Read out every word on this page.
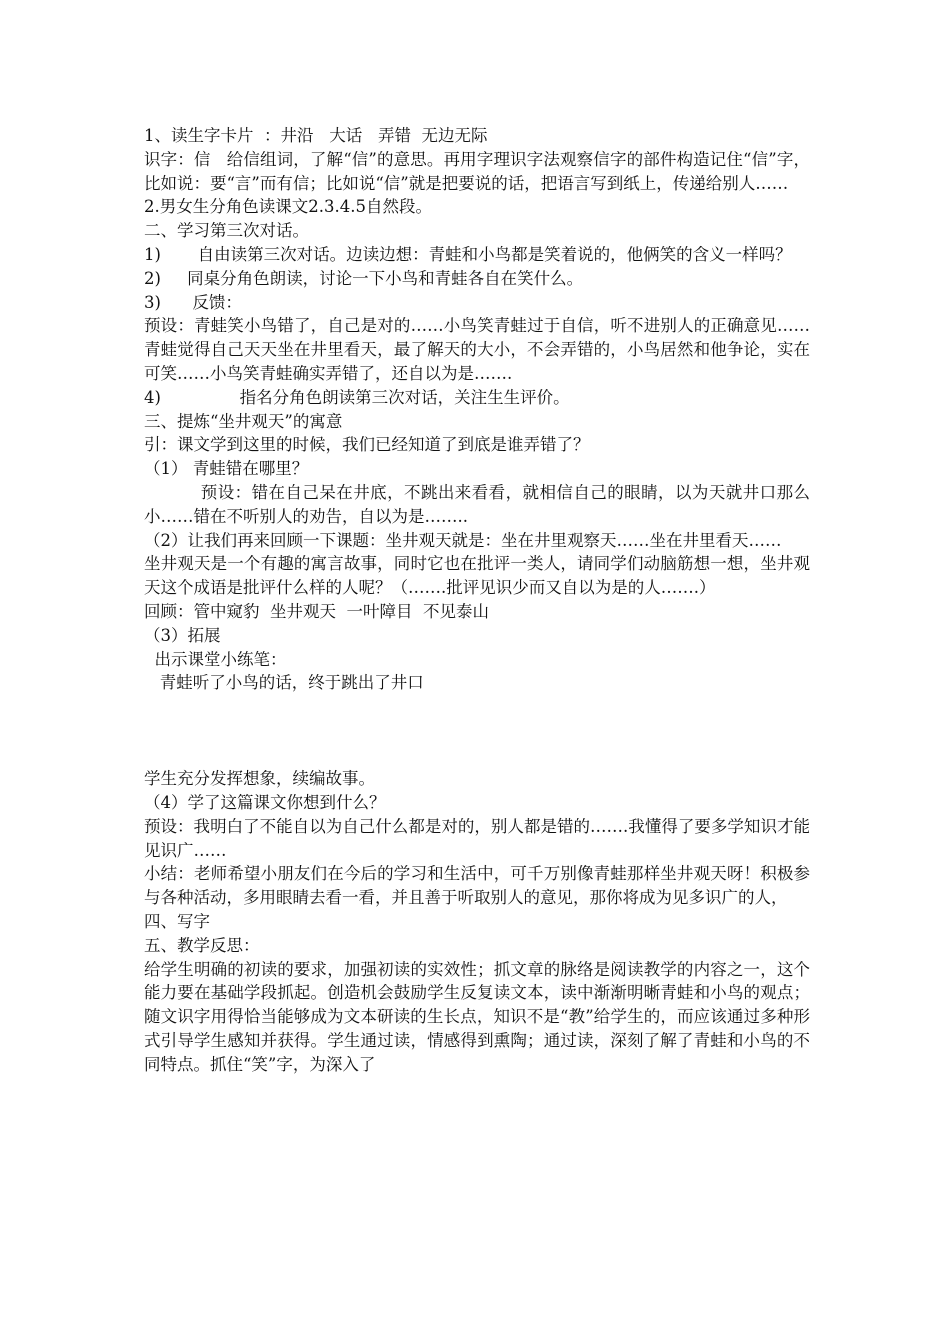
1、读生字卡片  ：井沿   大话   弄错  无边无际

识字：信   给信组词，了解“信”的意思。再用字理识字法观察信字的部件构造记住“信”字，比如说：要“言”而有信；比如说“信”就是把要说的话，把语言写到纸上，传递给别人……

2.男女生分角色读课文2.3.4.5自然段。

二、学习第三次对话。

1)       自由读第三次对话。边读边想：青蛙和小鸟都是笑着说的，他俩笑的含义一样吗？

2)     同桌分角色朗读，讨论一下小鸟和青蛙各自在笑什么。

3)      反馈：

预设：青蛙笑小鸟错了，自己是对的……小鸟笑青蛙过于自信，听不进别人的正确意见……青蛙觉得自己天天坐在井里看天，最了解天的大小，不会弄错的，小鸟居然和他争论，实在可笑……小鸟笑青蛙确实弄错了，还自以为是…….

4)               指名分角色朗读第三次对话，关注生生评价。

三、提炼“坐井观天”的寓意

引：课文学到这里的时候，我们已经知道了到底是谁弄错了？

（1） 青蛙错在哪里？

预设：错在自己呆在井底，不跳出来看看，就相信自己的眼睛，以为天就井口那么小……错在不听别人的劝告，自以为是……..

（2）让我们再来回顾一下课题：坐井观天就是：坐在井里观察天……坐在井里看天……

坐井观天是一个有趣的寓言故事，同时它也在批评一类人，请同学们动脑筋想一想，坐井观天这个成语是批评什么样的人呢？（…….批评见识少而又自以为是的人…….）

回顾：管中窥豹  坐井观天  一叶障目  不见泰山

（3）拓展

出示课堂小练笔：

青蛙听了小鸟的话，终于跳出了井口

学生充分发挥想象，续编故事。

（4）学了这篇课文你想到什么？

预设：我明白了不能自以为自己什么都是对的，别人都是错的…….我懂得了要多学知识才能见识广……

小结：老师希望小朋友们在今后的学习和生活中，可千万别像青蛙那样坐井观天呀！积极参与各种活动，多用眼睛去看一看，并且善于听取别人的意见，那你将成为见多识广的人，

四、写字

五、教学反思：

给学生明确的初读的要求，加强初读的实效性；抓文章的脉络是阅读教学的内容之一，这个能力要在基础学段抓起。创造机会鼓励学生反复读文本，读中渐渐明晰青蛙和小鸟的观点；随文识字用得恰当能够成为文本研读的生长点，知识不是“教”给学生的，而应该通过多种形式引导学生感知并获得。学生通过读，情感得到熏陶；通过读，深刻了解了青蛙和小鸟的不同特点。抓住“笑”字，为深入了
